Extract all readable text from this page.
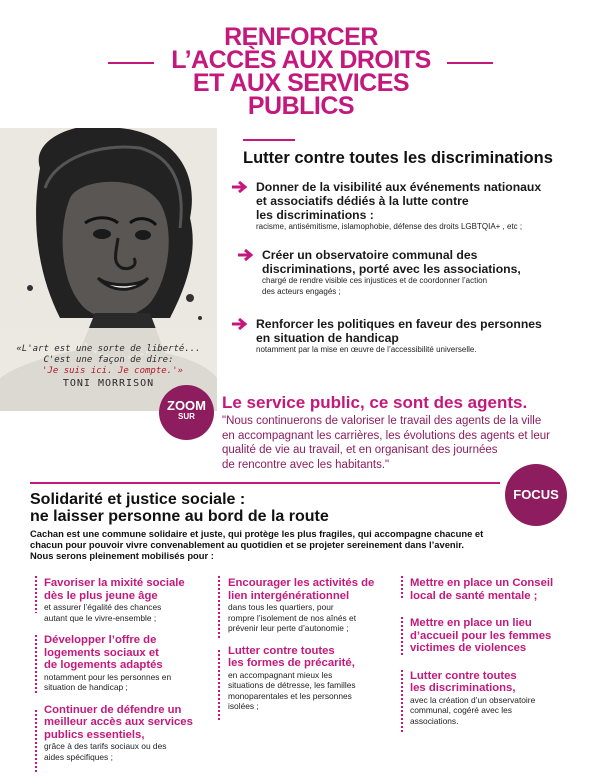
RENFORCER
L’ACCÈS AUX DROITS
ET AUX SERVICES
PUBLICS
«L'art est une sorte de liberté...
C'est une façon de dire:
'Je suis ici. Je compte.'»
TONI MORRISON
Lutter contre toutes les discriminations
Donner de la visibilité aux événements nationaux
et associatifs dédiés à la lutte contre
les discriminations :
racisme, antisémitisme, islamophobie, défense des droits LGBTQIA+ , etc ;
Créer un observatoire communal des
discriminations, porté avec les associations,
chargé de rendre visible ces injustices et de coordonner l’action
des acteurs engagés ;
Renforcer les politiques en faveur des personnes
en situation de handicap
notamment par la mise en œuvre de l’accessibilité universelle.
ZOOM
SUR
Le service public, ce sont des agents.
"Nous continuerons de valoriser le travail des agents de la ville
en accompagnant les carrières, les évolutions des agents et leur
qualité de vie au travail, et en organisant des journées
de rencontre avec les habitants."
FOCUS
Solidarité et justice sociale :
ne laisser personne au bord de la route
Cachan est une commune solidaire et juste, qui protège les plus fragiles, qui accompagne chacune et
chacun pour pouvoir vivre convenablement au quotidien et se projeter sereinement dans l’avenir.
Nous serons pleinement mobilisés pour :
Favoriser la mixité sociale
dès le plus jeune âge
et assurer l’égalité des chances
autant que le vivre-ensemble ;
Développer l’offre de
logements sociaux et
de logements adaptés
notamment pour les personnes en
situation de handicap ;
Continuer de défendre un
meilleur accès aux services
publics essentiels,
grâce à des tarifs sociaux ou des
aides spécifiques ;
Encourager les activités de
lien intergénérationnel
dans tous les quartiers, pour
rompre l’isolement de nos aînés et
prévenir leur perte d’autonomie ;
Lutter contre toutes
les formes de précarité,
en accompagnant mieux les
situations de détresse, les familles
monoparentales et les personnes
isolées ;
Mettre en place un Conseil
local de santé mentale ;
Mettre en place un lieu
d’accueil pour les femmes
victimes de violences
Lutter contre toutes
les discriminations,
avec la création d’un observatoire
communal, cogéré avec les
associations.
